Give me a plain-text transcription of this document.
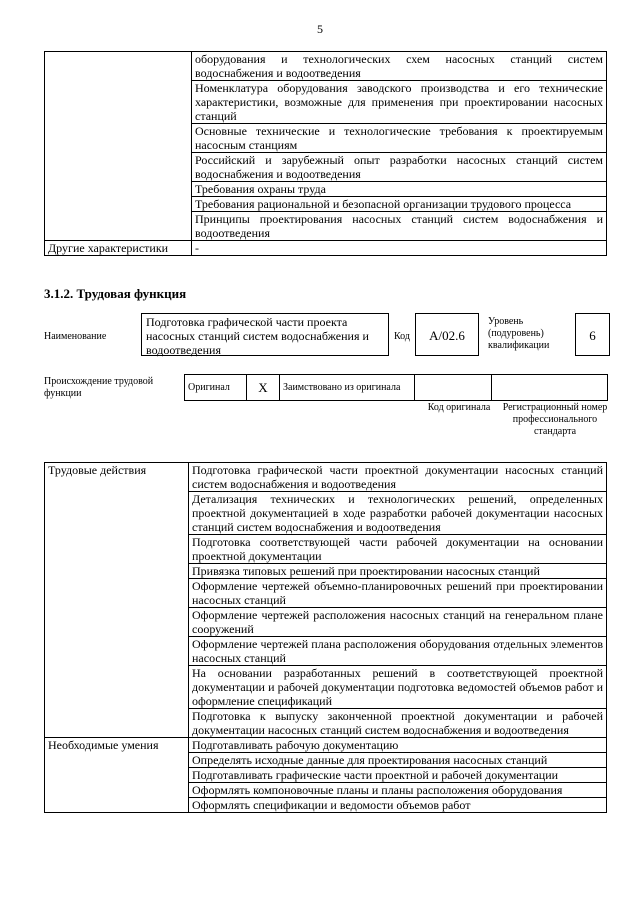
5
	оборудования и технологических схем насосных станций систем водоснабжения и водоотведения
	Номенклатура оборудования заводского производства и его технические характеристики, возможные для применения при проектировании насосных станций
	Основные технические и технологические требования к проектируемым насосным станциям
	Российский и зарубежный опыт разработки насосных станций систем водоснабжения и водоотведения
	Требования охраны труда
	Требования рациональной и безопасной организации трудового процесса
	Принципы проектирования насосных станций систем водоснабжения и водоотведения
Другие характеристики	-
3.1.2. Трудовая функция
Наименование
Подготовка графической части проекта насосных станций систем водоснабжения и водоотведения
Код	А/02.6
Уровень (подуровень) квалификации
6
Происхождение трудовой функции
Оригинал	X	Заимствовано из оригинала		
Код оригинала	Регистрационный номер профессионального стандарта
Трудовые действия	Подготовка графической части проектной документации насосных станций систем водоснабжения и водоотведения
	Детализация технических и технологических решений, определенных проектной документацией в ходе разработки рабочей документации насосных станций систем водоснабжения и водоотведения
	Подготовка соответствующей части рабочей документации на основании проектной документации
	Привязка типовых решений при проектировании насосных станций
	Оформление чертежей объемно-планировочных решений при проектировании насосных станций
	Оформление чертежей расположения насосных станций на генеральном плане сооружений
	Оформление чертежей плана расположения оборудования отдельных элементов насосных станций
	На основании разработанных решений в соответствующей проектной документации и рабочей документации подготовка ведомостей объемов работ и оформление спецификаций
	Подготовка к выпуску законченной проектной документации и рабочей документации насосных станций систем водоснабжения и водоотведения
Необходимые умения	Подготавливать рабочую документацию
	Определять исходные данные для проектирования насосных станций
	Подготавливать графические части проектной и рабочей документации
	Оформлять компоновочные планы и планы расположения оборудования
	Оформлять спецификации и ведомости объемов работ
